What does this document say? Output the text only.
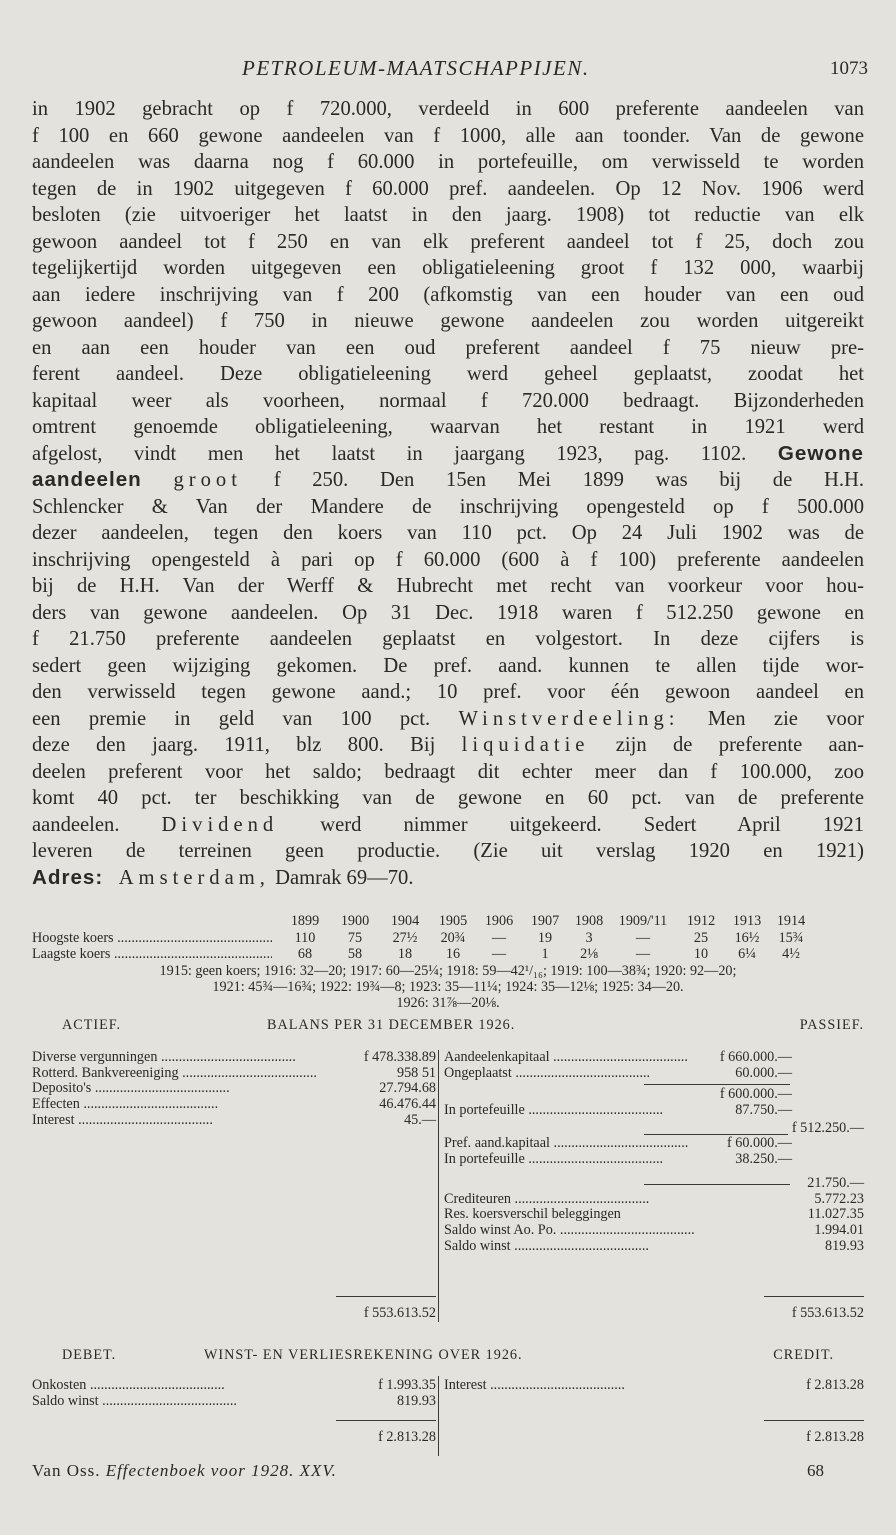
PETROLEUM-MAATSCHAPPIJEN.	1073
in 1902 gebracht op f 720.000, verdeeld in 600 preferente aandeelen van
f 100 en 660 gewone aandeelen van f 1000, alle aan toonder. Van de gewone
aandeelen was daarna nog f 60.000 in portefeuille, om verwisseld te worden
tegen de in 1902 uitgegeven f 60.000 pref. aandeelen. Op 12 Nov. 1906 werd
besloten (zie uitvoeriger het laatst in den jaarg. 1908) tot reductie van elk
gewoon aandeel tot f 250 en van elk preferent aandeel tot f 25, doch zou
tegelijkertijd worden uitgegeven een obligatieleening groot f 132 000, waarbij
aan iedere inschrijving van f 200 (afkomstig van een houder van een oud
gewoon aandeel) f 750 in nieuwe gewone aandeelen zou worden uitgereikt
en aan een houder van een oud preferent aandeel f 75 nieuw pre-
ferent aandeel. Deze obligatieleening werd geheel geplaatst, zoodat het
kapitaal weer als voorheen, normaal f 720.000 bedraagt. Bijzonderheden
omtrent genoemde obligatieleening, waarvan het restant in 1921 werd
afgelost, vindt men het laatst in jaargang 1923, pag. 1102. Gewone
aandeelen groot f 250. Den 15en Mei 1899 was bij de H.H.
Schlencker & Van der Mandere de inschrijving opengesteld op f 500.000
dezer aandeelen, tegen den koers van 110 pct. Op 24 Juli 1902 was de
inschrijving opengesteld à pari op f 60.000 (600 à f 100) preferente aandeelen
bij de H.H. Van der Werff & Hubrecht met recht van voorkeur voor hou-
ders van gewone aandeelen. Op 31 Dec. 1918 waren f 512.250 gewone en
f 21.750 preferente aandeelen geplaatst en volgestort. In deze cijfers is
sedert geen wijziging gekomen. De pref. aand. kunnen te allen tijde wor-
den verwisseld tegen gewone aand.; 10 pref. voor één gewoon aandeel en
een premie in geld van 100 pct. Winstverdeeling: Men zie voor
deze den jaarg. 1911, blz 800. Bij liquidatie zijn de preferente aan-
deelen preferent voor het saldo; bedraagt dit echter meer dan f 100.000, zoo
komt 40 pct. ter beschikking van de gewone en 60 pct. van de preferente
aandeelen. Dividend werd nimmer uitgekeerd. Sedert April 1921
leveren de terreinen geen productie. (Zie uit verslag 1920 en 1921)
Adres: Amsterdam, Damrak 69—70.
1899	1900	1904	1905	1906	1907	1908	1909/'11	1912	1913	1914
Hoogste koers .....	110	75	27½	20¾	—	19	3	—	25	16½	15¾
Laagste koers .....	68	58	18	16	—	1	2⅛	—	10	6¼	4½
1915: geen koers; 1916: 32—20; 1917: 60—25¼; 1918: 59—42¹/₁₆; 1919: 100—38¾; 1920: 92—20;
1921: 45¾—16¾; 1922: 19¾—8; 1923: 35—11¼; 1924: 35—12⅛; 1925: 34—20.
1926: 31⅞—20⅛.
ACTIEF.	BALANS PER 31 DECEMBER 1926.	PASSIEF.
Diverse vergunningen .....	f 478.338.89
Rotterd. Bankvereeniging .....	958 51
Deposito's .....	27.794.68
Effecten .....	46.476.44
Interest .....	45.—
f 553.613.52
Aandeelenkapitaal .....	f 660.000.—
Ongeplaatst .....	60.000.—
f 600.000.—
In portefeuille .....	87.750.—
f 512.250.—
Pref. aand.kapitaal .....	f 60.000.—
In portefeuille .....	38.250.—
21.750.—
Crediteuren .....	5.772.23
Res. koersverschil beleggingen	11.027.35
Saldo winst Ao. Po. .....	1.994.01
Saldo winst .....	819.93
f 553.613.52
DEBET.	WINST- EN VERLIESREKENING OVER 1926.	CREDIT.
Onkosten .....	f 1.993.35
Saldo winst .....	819.93
f 2.813.28
Interest .....	f 2.813.28
f 2.813.28
Van Oss. Effectenboek voor 1928. XXV.	68
